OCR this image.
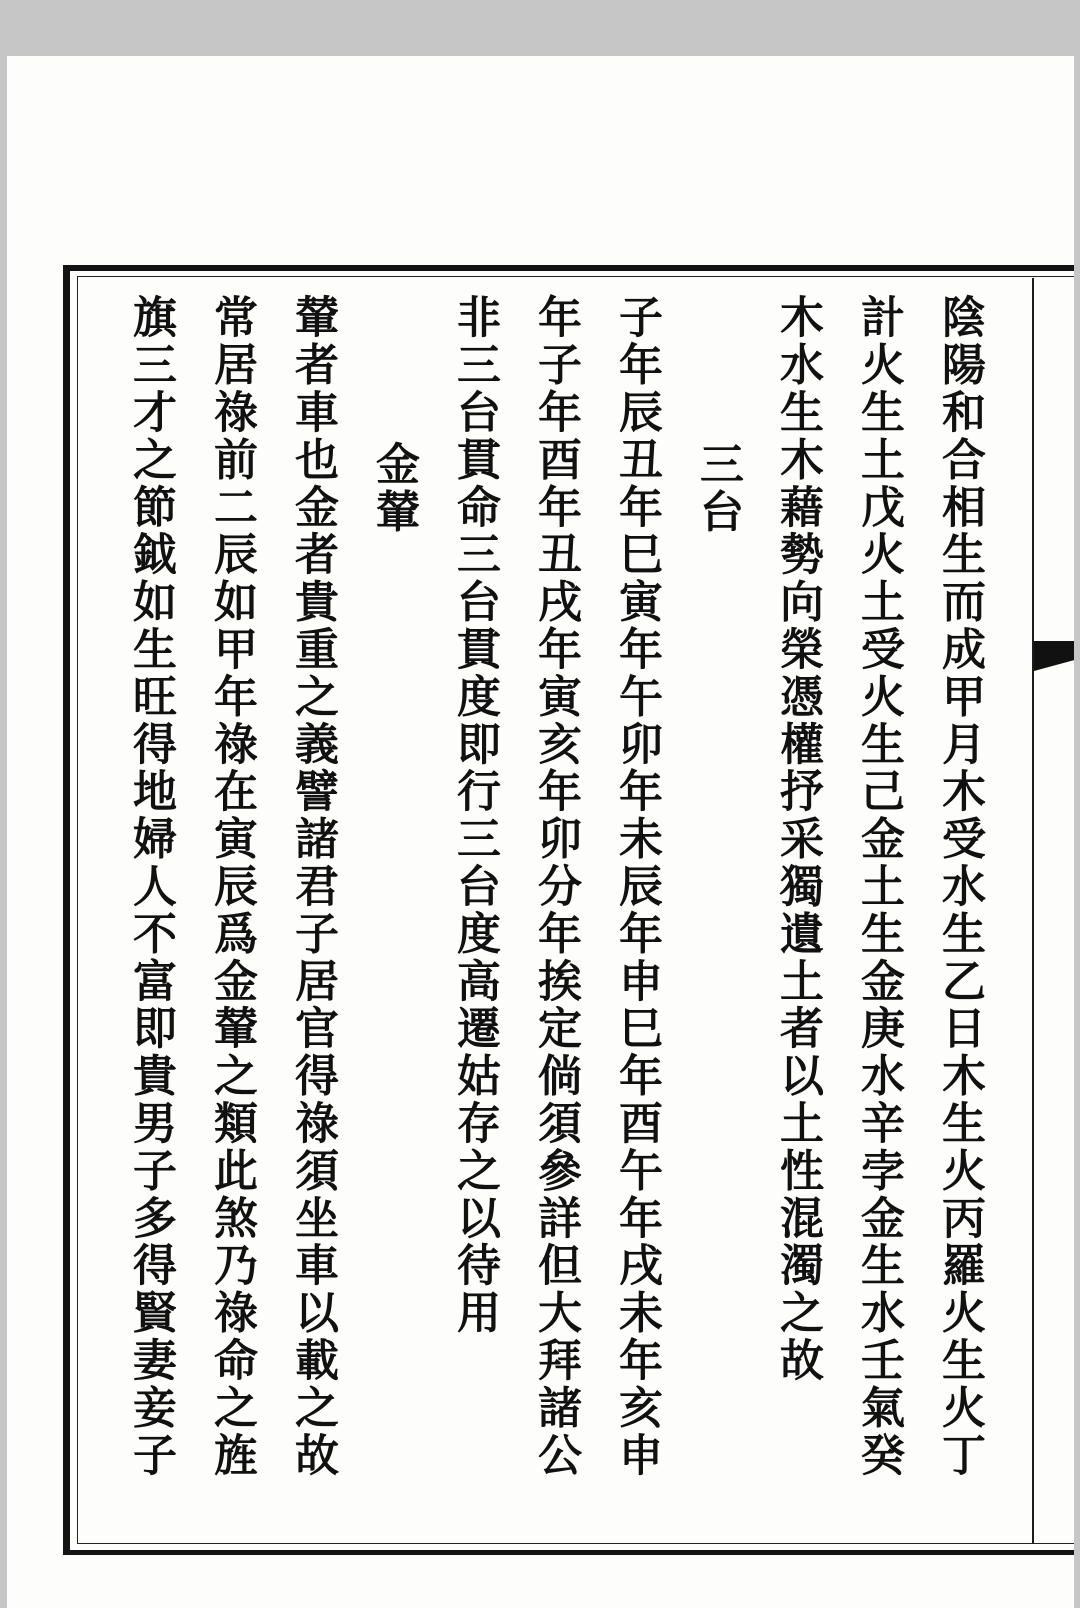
陰陽和合相生而成甲月木受水生乙日木生火丙羅火生火丁
計火生土戊火土受火生己金土生金庚水辛孛金生水壬氣癸
木水生木藉勢向榮憑權抒采獨遺土者以土性混濁之故
三台
子年辰丑年巳寅年午卯年未辰年申巳年酉午年戌未年亥申
年子年酉年丑戌年寅亥年卯分年挨定倘須參詳但大拜諸公
非三台貫命三台貫度即行三台度高遷姑存之以待用
金輦
輦者車也金者貴重之義譬諸君子居官得祿須坐車以載之故
常居祿前二辰如甲年祿在寅辰爲金輦之類此煞乃祿命之旌
旗三才之節鉞如生旺得地婦人不富即貴男子多得賢妻妾子
